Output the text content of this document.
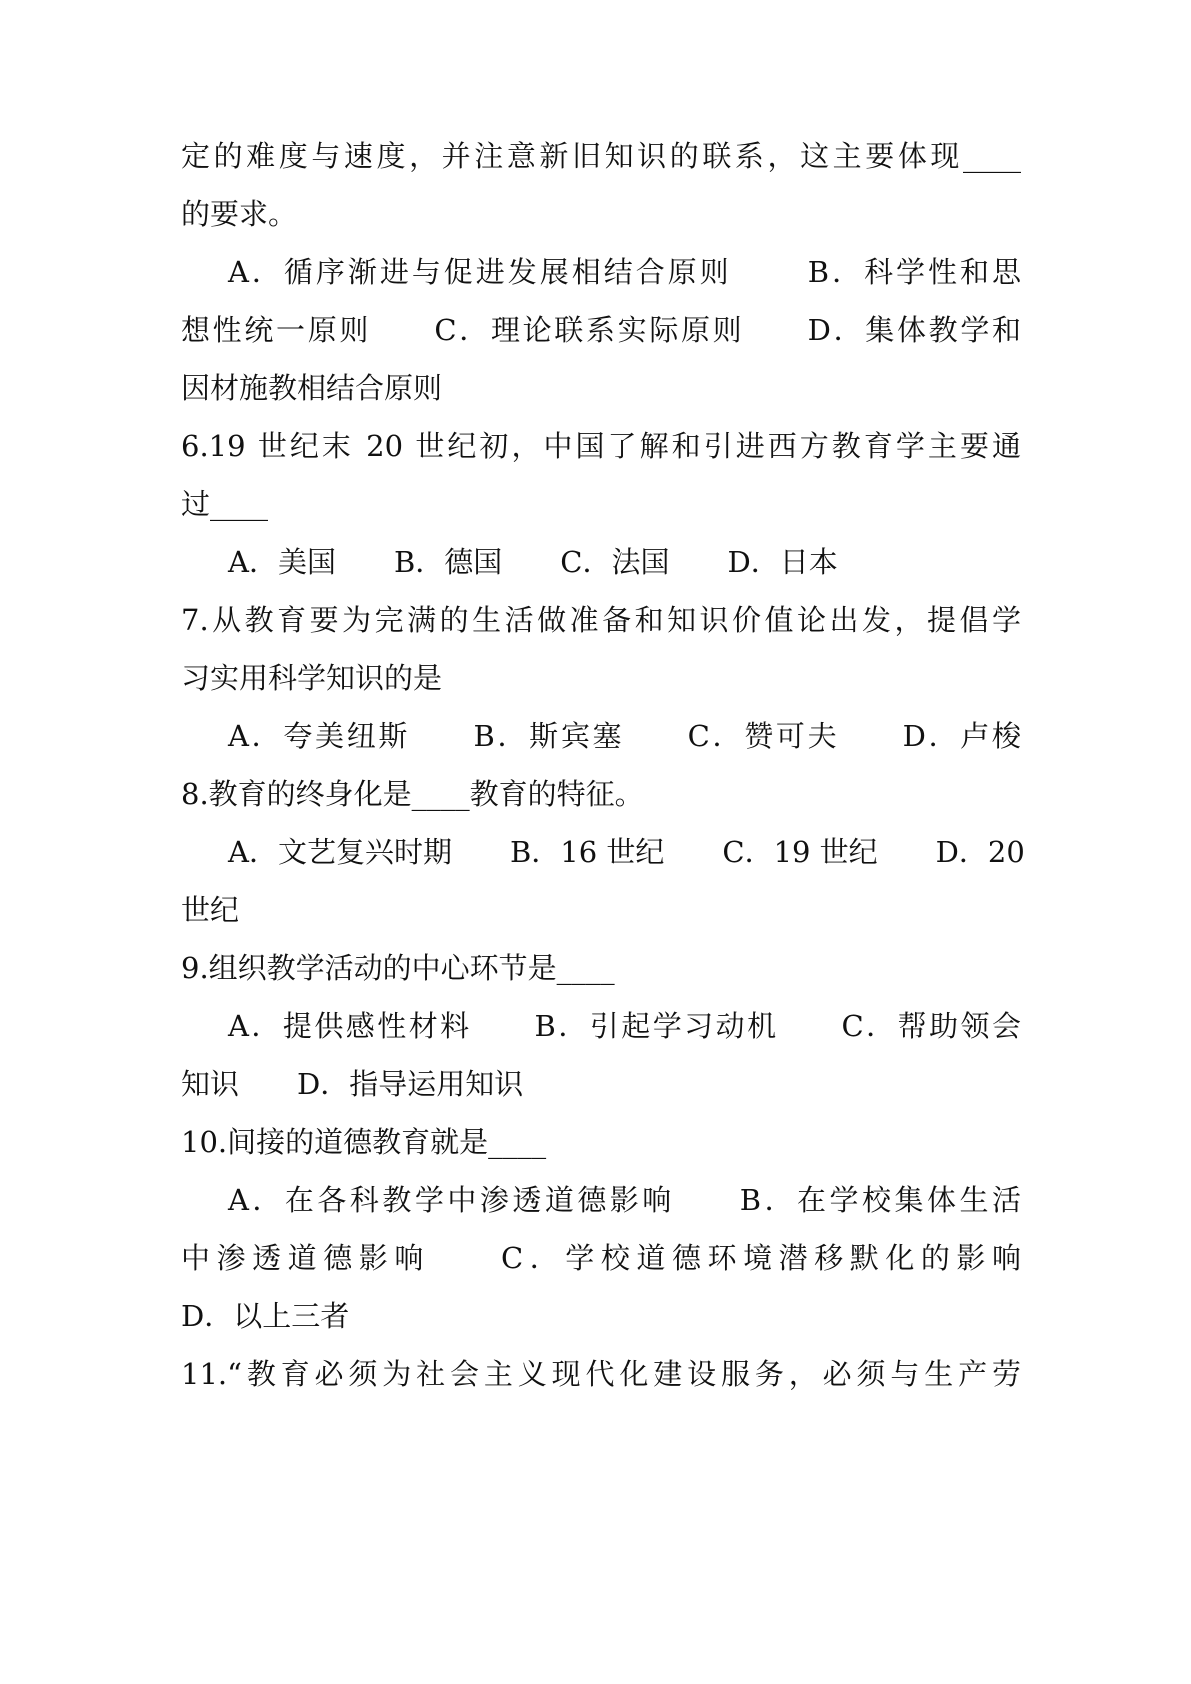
定的难度与速度，并注意新旧知识的联系，这主要体现____

的要求。

A．循序渐进与促进发展相结合原则　　 B．科学性和思

想性统一原则　　C．理论联系实际原则　　D．集体教学和

因材施教相结合原则

6.19 世纪末 20 世纪初，中国了解和引进西方教育学主要通

过____

A．美国　　B．德国　　C．法国　　D．日本

7.从教育要为完满的生活做准备和知识价值论出发，提倡学

习实用科学知识的是

A．夸美纽斯　　B．斯宾塞　　C．赞可夫　　D．卢梭

8.教育的终身化是____教育的特征。

A．文艺复兴时期　　B．16 世纪　　C．19 世纪　　D．20

世纪

9.组织教学活动的中心环节是____

A．提供感性材料　　B．引起学习动机　　C．帮助领会

知识　　D．指导运用知识

10.间接的道德教育就是____

A．在各科教学中渗透道德影响　　B．在学校集体生活

中渗透道德影响　　C．学校道德环境潜移默化的影响

D．以上三者

11.“教育必须为社会主义现代化建设服务，必须与生产劳
